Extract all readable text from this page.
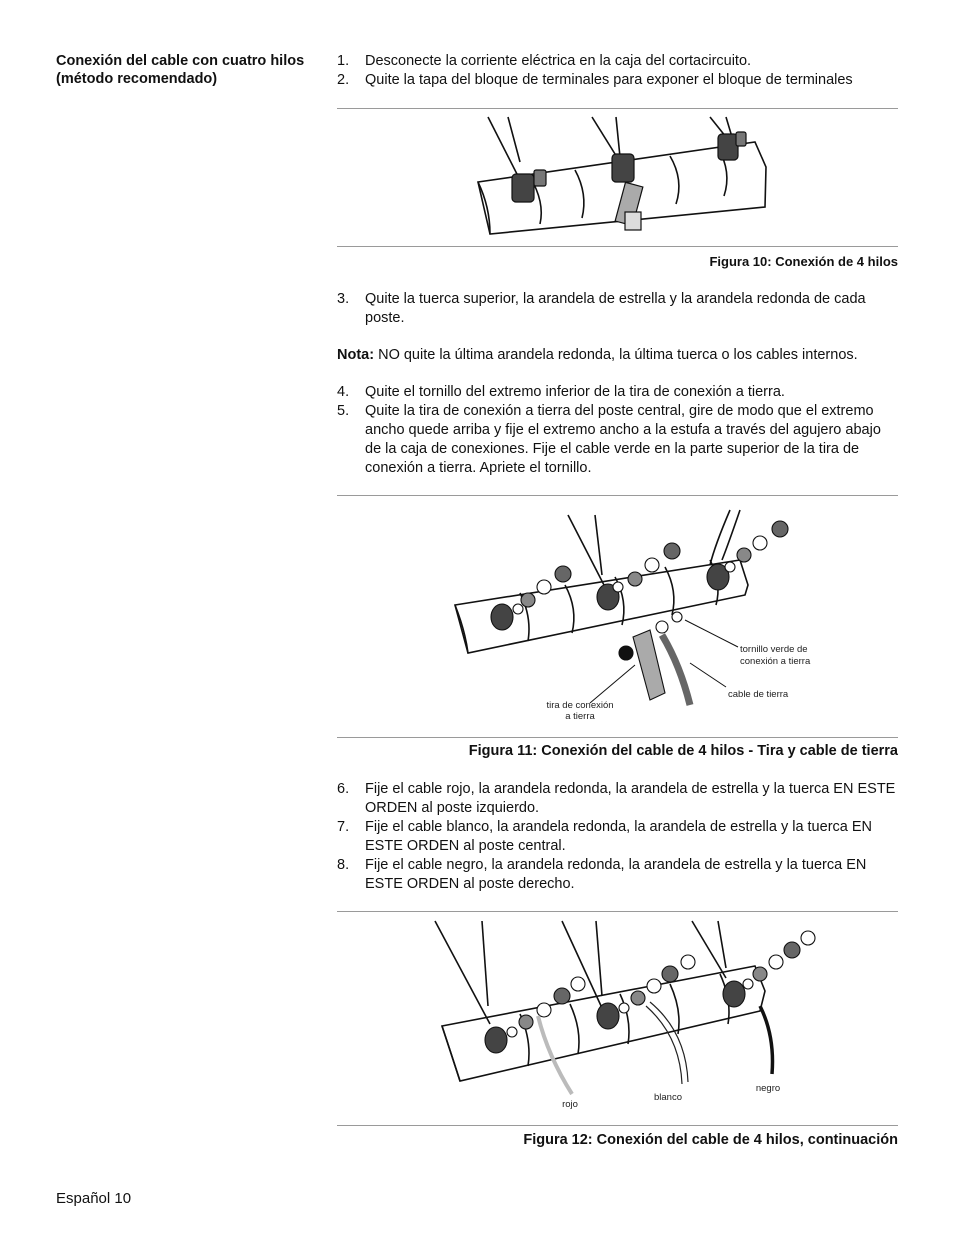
Conexión del cable con cuatro hilos (método recomendado)
1. Desconecte la corriente eléctrica en la caja del cortacircuito.
2. Quite la tapa del bloque de terminales para exponer el bloque de terminales
Figura 10: Conexión de 4 hilos
3. Quite la tuerca superior, la arandela de estrella y la arandela redonda de cada poste.
Nota: NO quite la última arandela redonda, la última tuerca o los cables internos.
4. Quite el tornillo del extremo inferior de la tira de conexión a tierra.
5. Quite la tira de conexión a tierra del poste central, gire de modo que el extremo ancho quede arriba y fije el extremo ancho a la estufa a través del agujero abajo de la caja de conexiones. Fije el cable verde en la parte superior de la tira de conexión a tierra. Apriete el tornillo.
tornillo verde de
conexión a tierra
cable de tierra
tira de conexión
a tierra
Figura 11: Conexión del cable de 4 hilos - Tira y cable de tierra
6. Fije el cable rojo, la arandela redonda, la arandela de estrella y la tuerca EN ESTE ORDEN al poste izquierdo.
7. Fije el cable blanco, la arandela redonda, la arandela de estrella y la tuerca EN ESTE ORDEN al poste central.
8. Fije el cable negro, la arandela redonda, la arandela de estrella y la tuerca EN ESTE ORDEN al poste derecho.
rojo
blanco
negro
Figura 12: Conexión del cable de 4 hilos, continuación
Español 10
